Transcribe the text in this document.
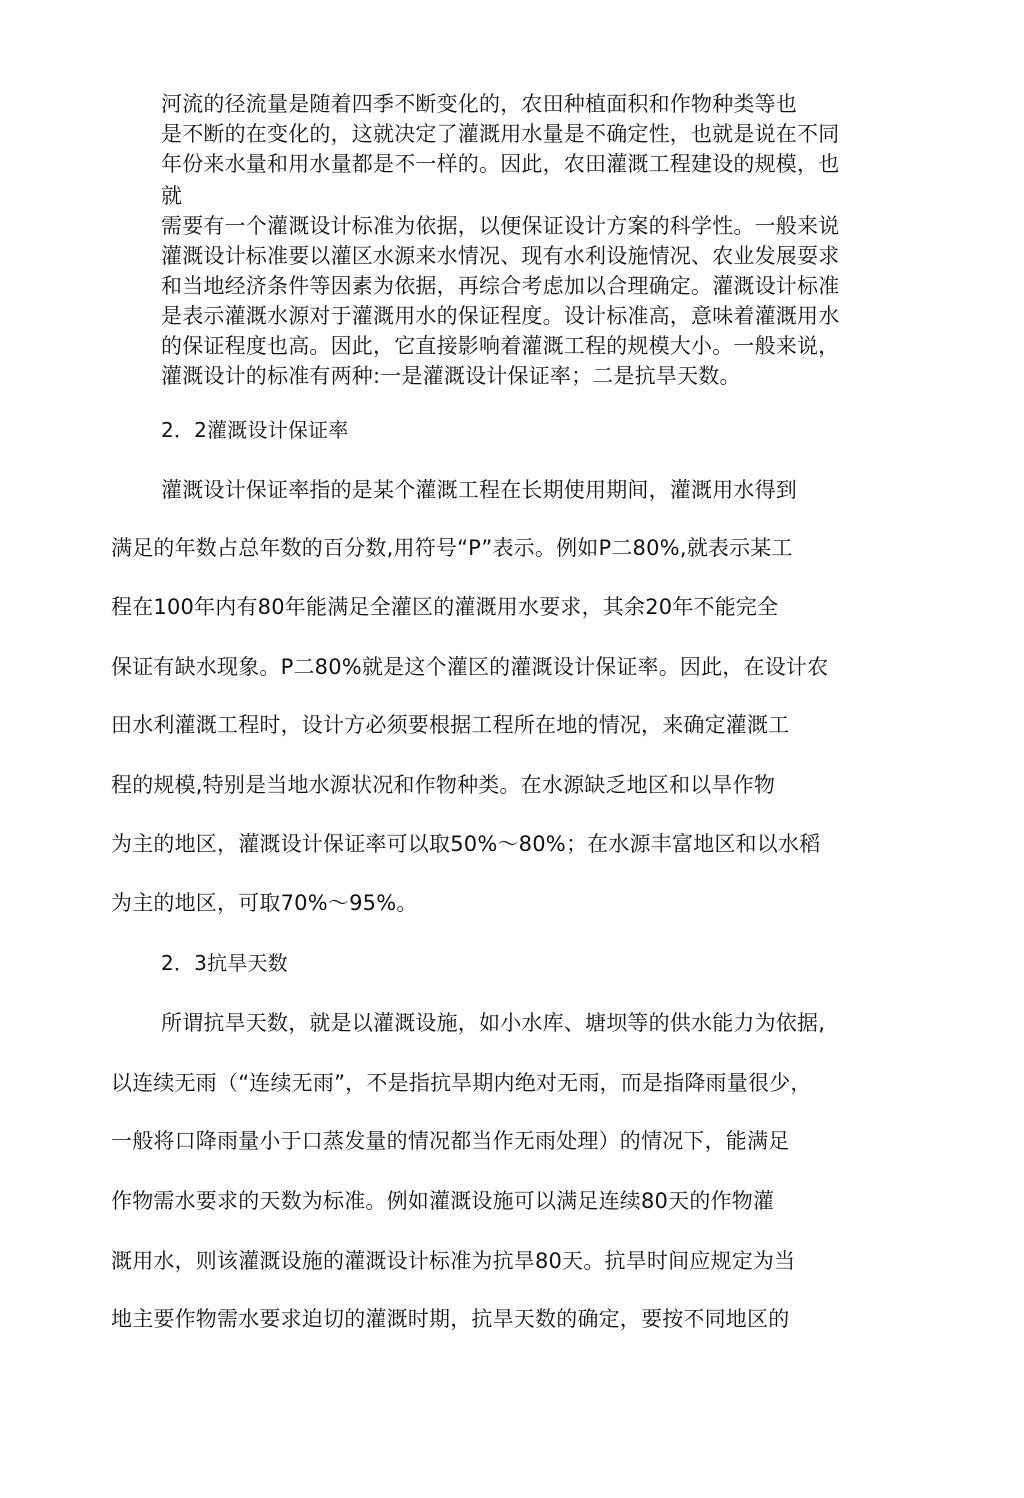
河流的径流量是随着四季不断变化的，农田种植面积和作物种类等也
是不断的在变化的，这就决定了灌溉用水量是不确定性，也就是说在不同
年份来水量和用水量都是不一样的。因此，农田灌溉工程建设的规模，也
就
需要有一个灌溉设计标准为依据，以便保证设计方案的科学性。一般来说
灌溉设计标准要以灌区水源来水情况、现有水利设施情况、农业发展耍求
和当地经济条件等因素为依据，再综合考虑加以合理确定。灌溉设计标准
是表示灌溉水源对于灌溉用水的保证程度。设计标准高，意味着灌溉用水
的保证程度也高。因此，它直接影响着灌溉工程的规模大小。一般来说，
灌溉设计的标准有两种:一是灌溉设计保证率；二是抗旱天数。
2．2灌溉设计保证率
灌溉设计保证率指的是某个灌溉工程在长期使用期间，灌溉用水得到
满足的年数占总年数的百分数,用符号“P”表示。例如P二80%,就表示某工
程在100年内有80年能满足全灌区的灌溉用水要求，其余20年不能完全
保证有缺水现象。P二80%就是这个灌区的灌溉设计保证率。因此，在设计农
田水利灌溉工程时，设计方必须要根据工程所在地的情况，来确定灌溉工
程的规模,特别是当地水源状况和作物种类。在水源缺乏地区和以旱作物
为主的地区，灌溉设计保证率可以取50%～80%；在水源丰富地区和以水稻
为主的地区，可取70%～95%。
2．3抗旱天数
所谓抗旱天数，就是以灌溉设施，如小水库、塘坝等的供水能力为依据,
以连续无雨（“连续无雨”，不是指抗旱期内绝对无雨，而是指降雨量很少，
一般将口降雨量小于口蒸发量的情况都当作无雨处理）的情况下，能满足
作物需水要求的天数为标准。例如灌溉设施可以满足连续80天的作物灌
溉用水，则该灌溉设施的灌溉设计标准为抗旱80天。抗旱时间应规定为当
地主要作物需水要求迫切的灌溉时期，抗旱天数的确定，要按不同地区的
